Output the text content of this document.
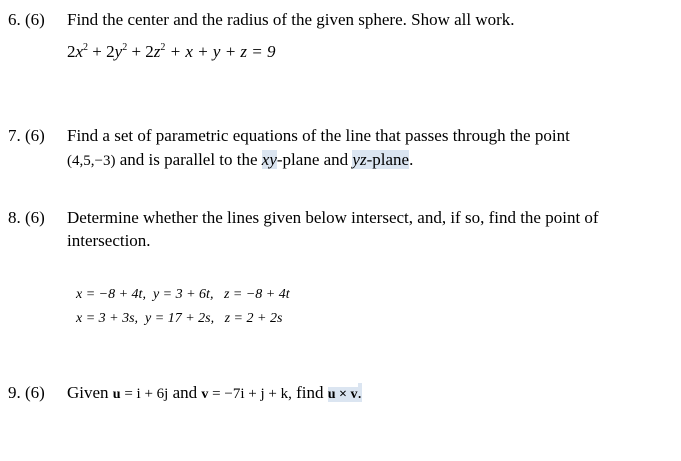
6. (6) Find the center and the radius of the given sphere. Show all work.
$2x^2 + 2y^2 + 2z^2 + x + y + z = 9$
7. (6) Find a set of parametric equations of the line that passes through the point
(4,5,−3) and is parallel to the xy-plane and yz-plane.
8. (6) Determine whether the lines given below intersect, and, if so, find the point of
intersection.
x = −8 + 4t,  y = 3 + 6t,   z = −8 + 4t
x = 3 + 3s,  y = 17 + 2s,   z = 2 + 2s
9. (6) Given u = i + 6j and v = −7i + j + k, find u × v.
